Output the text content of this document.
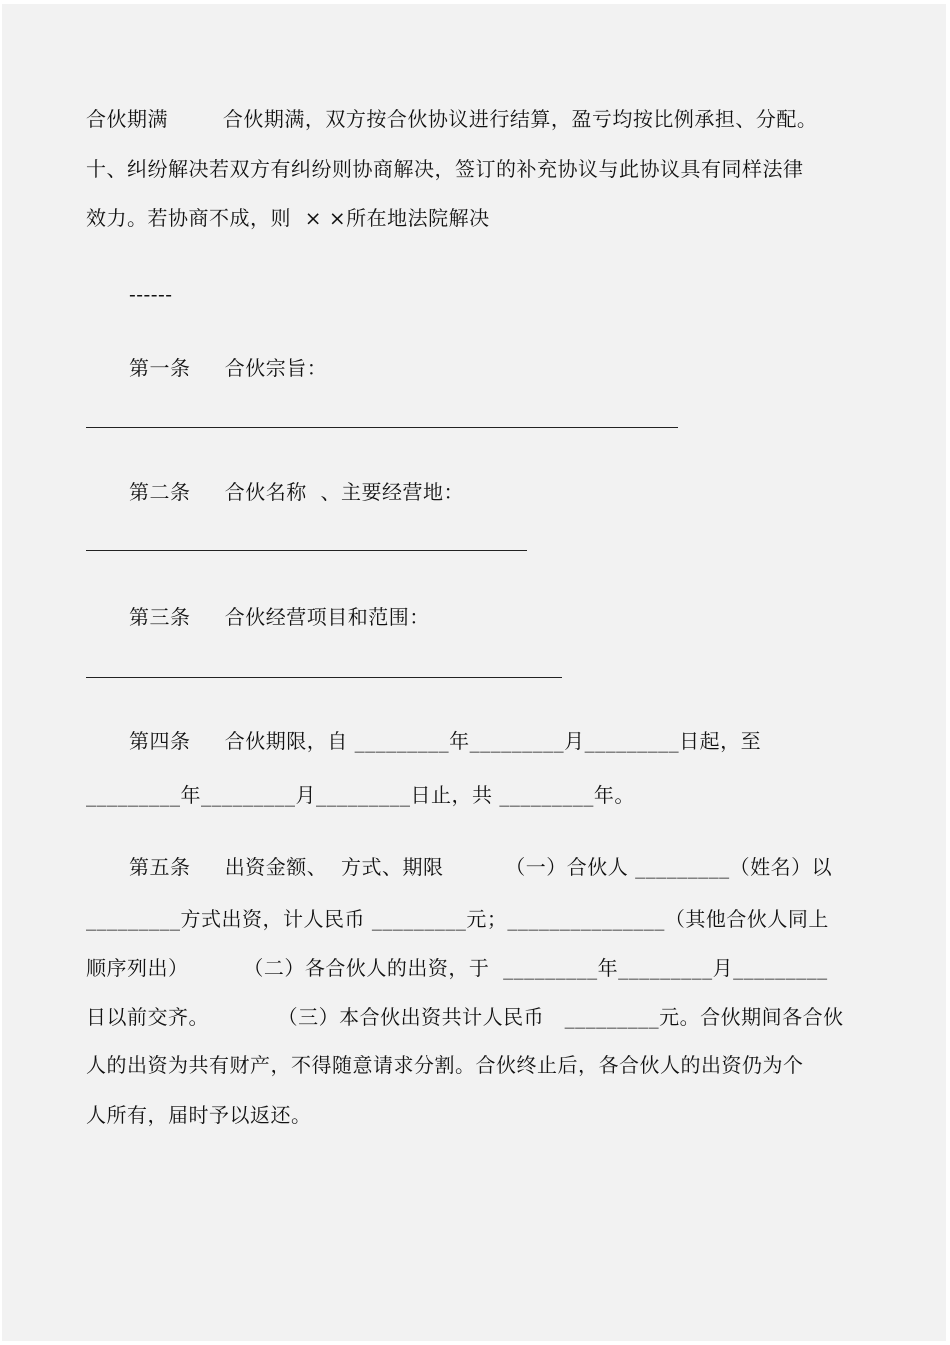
合伙期满        合伙期满，双方按合伙协议进行结算，盈亏均按比例承担、分配。
十、纠纷解决若双方有纠纷则协商解决，签订的补充协议与此协议具有同样法律
效力。若协商不成，则  × ×所在地法院解决
------
第一条     合伙宗旨：
第二条     合伙名称  、主要经营地：
第三条     合伙经营项目和范围：
第四条     合伙期限，自 _________年_________月_________日起，至
_________年_________月_________日止，共 _________年。
第五条     出资金额、  方式、期限         （一）合伙人 _________（姓名）以
_________方式出资，计人民币 _________元；_______________（其他合伙人同上
顺序列出）        （二）各合伙人的出资，于  _________年_________月_________
日以前交齐。          （三）本合伙出资共计人民币   _________元。合伙期间各合伙
人的出资为共有财产，不得随意请求分割。合伙终止后，各合伙人的出资仍为个
人所有，届时予以返还。
